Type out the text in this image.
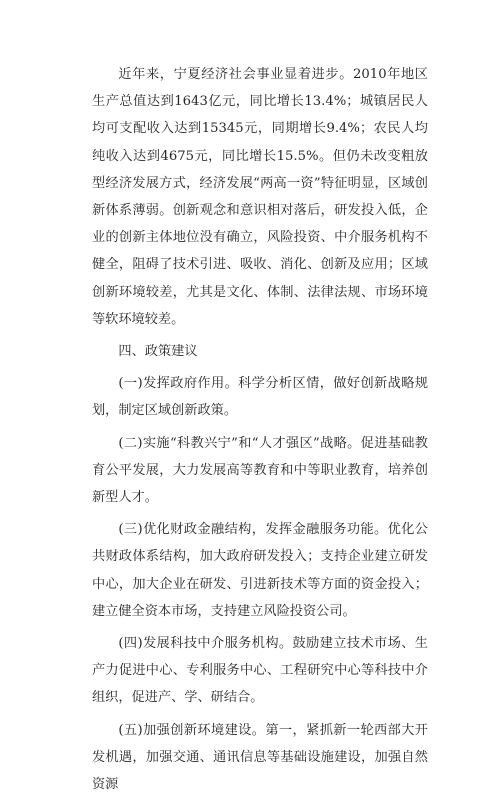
近年来，宁夏经济社会事业显着进步。2010年地区生产总值达到1643亿元，同比增长13.4%；城镇居民人均可支配收入达到15345元，同期增长9.4%；农民人均纯收入达到4675元，同比增长15.5%。但仍未改变粗放型经济发展方式，经济发展“两高一资”特征明显，区域创新体系薄弱。创新观念和意识相对落后，研发投入低，企业的创新主体地位没有确立，风险投资、中介服务机构不健全，阻碍了技术引进、吸收、消化、创新及应用；区域创新环境较差，尤其是文化、体制、法律法规、市场环境等软环境较差。

四、政策建议

(一)发挥政府作用。科学分析区情，做好创新战略规划，制定区域创新政策。

(二)实施“科教兴宁”和“人才强区”战略。促进基础教育公平发展，大力发展高等教育和中等职业教育，培养创新型人才。

(三)优化财政金融结构，发挥金融服务功能。优化公共财政体系结构，加大政府研发投入；支持企业建立研发中心，加大企业在研发、引进新技术等方面的资金投入；建立健全资本市场，支持建立风险投资公司。

(四)发展科技中介服务机构。鼓励建立技术市场、生产力促进中心、专利服务中心、工程研究中心等科技中介组织，促进产、学、研结合。

(五)加强创新环境建设。第一，紧抓新一轮西部大开发机遇，加强交通、通讯信息等基础设施建设，加强自然资源
